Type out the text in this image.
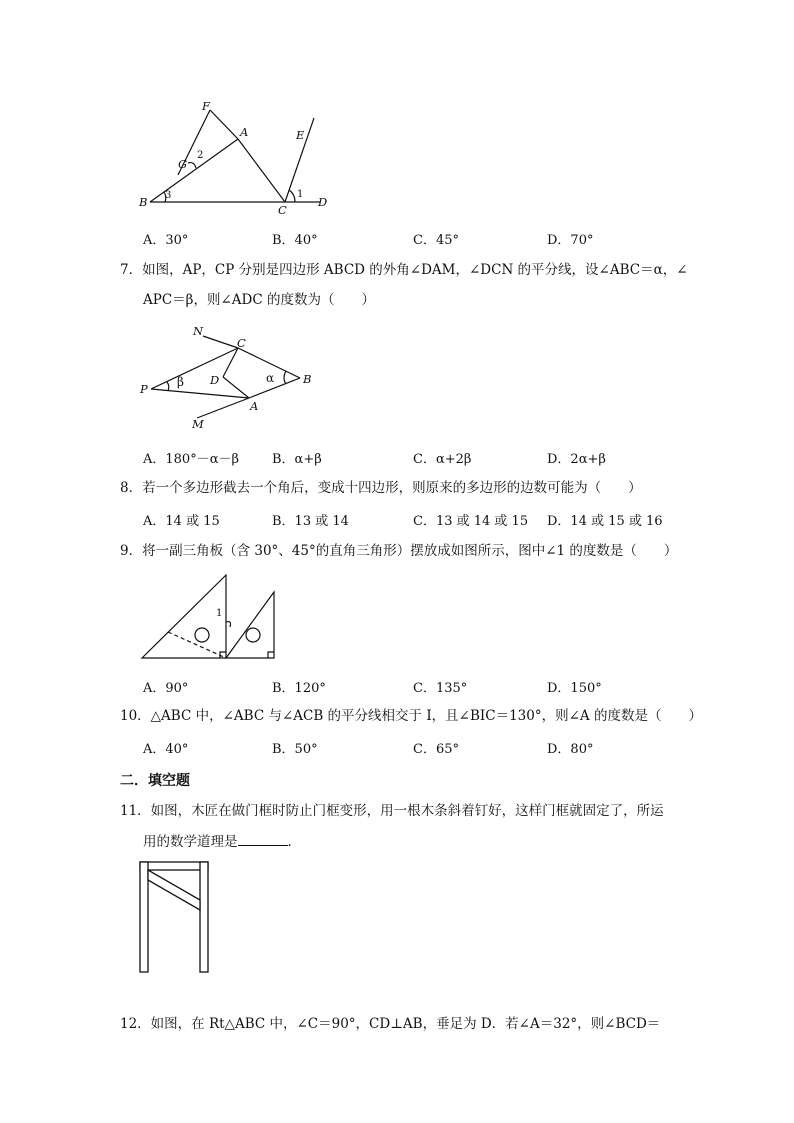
F
A	E
G
2
B 3
C
1
D
A．30°	B．40°	C．45°	D．70°
7．如图，AP，CP 分别是四边形 ABCD 的外角∠DAM，∠DCN 的平分线，设∠ABC＝α，∠
APC＝β，则∠ADC 的度数为（　　）
N
C
P β D	α	B
A
M
A．180°－α－β	B．α+β	C．α+2β	D．2α+β
8．若一个多边形截去一个角后，变成十四边形，则原来的多边形的边数可能为（　　）
A．14 或 15	B．13 或 14	C．13 或 14 或 15 D．14 或 15 或 16
9．将一副三角板（含 30°、45°的直角三角形）摆放成如图所示，图中∠1 的度数是（　　）
1
A．90°	B．120°	C．135°	D．150°
10．△ABC 中，∠ABC 与∠ACB 的平分线相交于 I，且∠BIC＝130°，则∠A 的度数是（　　）
A．40°	B．50°	C．65°	D．80°
二．填空题
11．如图，木匠在做门框时防止门框变形，用一根木条斜着钉好，这样门框就固定了，所运
用的数学道理是	．
12．如图，在 Rt△ABC 中，∠C＝90°，CD⊥AB，垂足为 D．若∠A＝32°，则∠BCD＝
